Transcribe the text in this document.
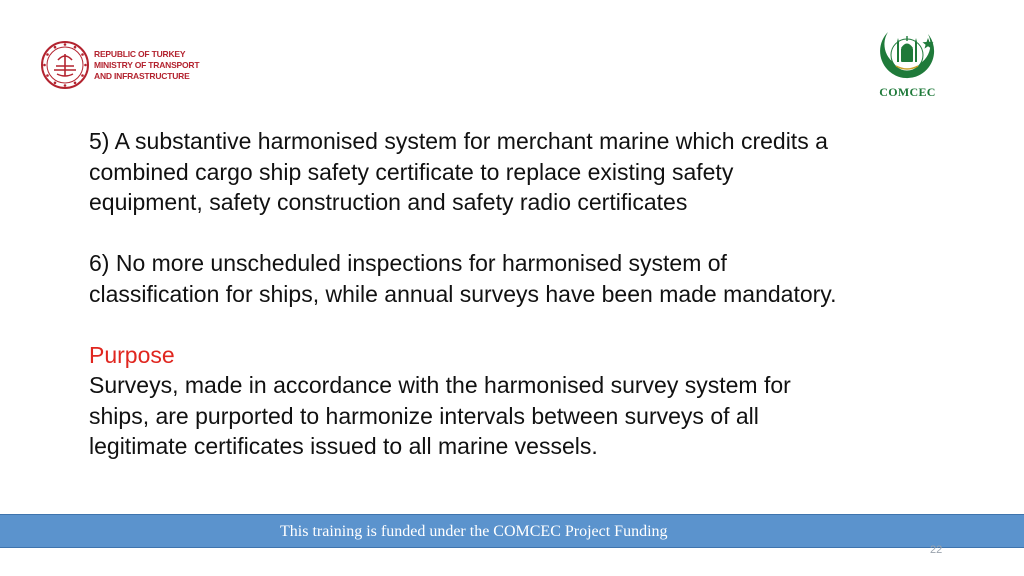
REPUBLIC OF TURKEY
MINISTRY OF TRANSPORT
AND INFRASTRUCTURE
COMCEC

5) A substantive harmonised system for merchant marine which credits a
combined cargo ship safety certificate to replace existing safety
equipment, safety construction and safety radio certificates

6) No more unscheduled inspections for harmonised system of
classification for ships, while annual surveys have been made mandatory.

Purpose

Surveys, made in accordance with the harmonised survey system for
ships, are purported to harmonize intervals between surveys of all
legitimate certificates issued to all marine vessels.

This training is funded under the COMCEC Project Funding
22
